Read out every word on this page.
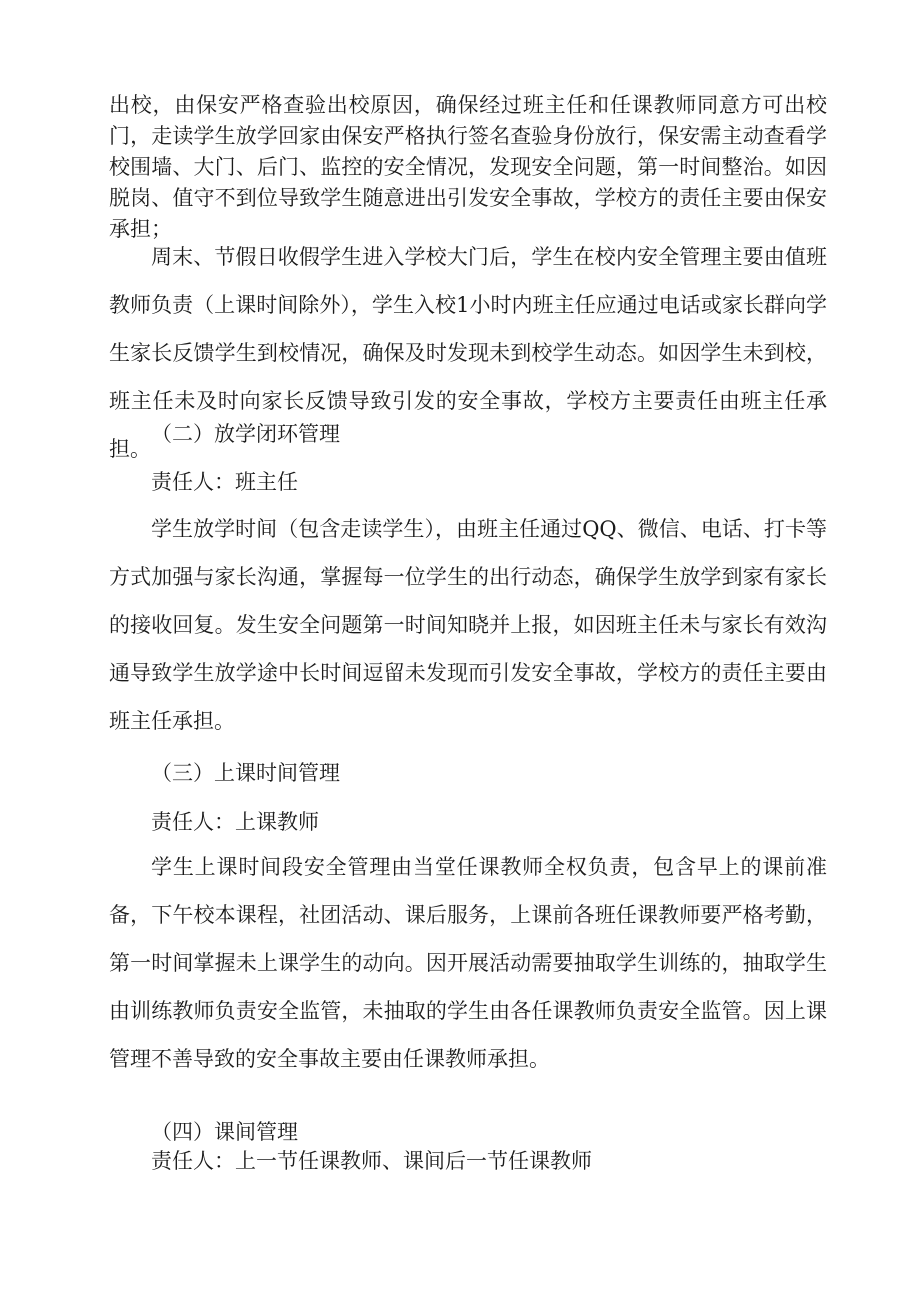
出校，由保安严格查验出校原因，确保经过班主任和任课教师同意方可出校门，走读学生放学回家由保安严格执行签名查验身份放行，保安需主动查看学校围墙、大门、后门、监控的安全情况，发现安全问题，第一时间整治。如因脱岗、值守不到位导致学生随意进出引发安全事故，学校方的责任主要由保安承担；

周末、节假日收假学生进入学校大门后，学生在校内安全管理主要由值班教师负责（上课时间除外），学生入校1小时内班主任应通过电话或家长群向学生家长反馈学生到校情况，确保及时发现未到校学生动态。如因学生未到校，班主任未及时向家长反馈导致引发的安全事故，学校方主要责任由班主任承担。

（二）放学闭环管理

责任人：班主任

学生放学时间（包含走读学生），由班主任通过QQ、微信、电话、打卡等方式加强与家长沟通，掌握每一位学生的出行动态，确保学生放学到家有家长的接收回复。发生安全问题第一时间知晓并上报，如因班主任未与家长有效沟通导致学生放学途中长时间逗留未发现而引发安全事故，学校方的责任主要由班主任承担。

（三）上课时间管理

责任人：上课教师

学生上课时间段安全管理由当堂任课教师全权负责，包含早上的课前准备，下午校本课程，社团活动、课后服务，上课前各班任课教师要严格考勤，第一时间掌握未上课学生的动向。因开展活动需要抽取学生训练的，抽取学生由训练教师负责安全监管，未抽取的学生由各任课教师负责安全监管。因上课管理不善导致的安全事故主要由任课教师承担。

（四）课间管理

责任人：上一节任课教师、课间后一节任课教师
